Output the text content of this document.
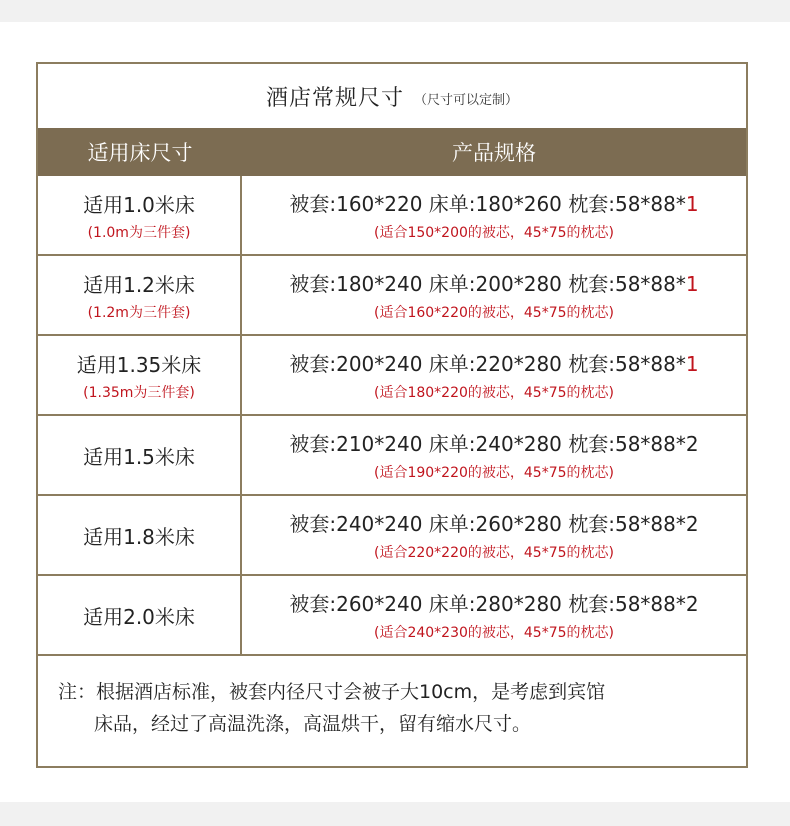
酒店常规尺寸 （尺寸可以定制）
适用床尺寸	产品规格
适用1.0米床
(1.0m为三件套)
被套:160*220 床单:180*260 枕套:58*88*1
(适合150*200的被芯，45*75的枕芯)
适用1.2米床
(1.2m为三件套)
被套:180*240 床单:200*280 枕套:58*88*1
(适合160*220的被芯，45*75的枕芯)
适用1.35米床
(1.35m为三件套)
被套:200*240 床单:220*280 枕套:58*88*1
(适合180*220的被芯，45*75的枕芯)
适用1.5米床
被套:210*240 床单:240*280 枕套:58*88*2
(适合190*220的被芯，45*75的枕芯)
适用1.8米床
被套:240*240 床单:260*280 枕套:58*88*2
(适合220*220的被芯，45*75的枕芯)
适用2.0米床
被套:260*240 床单:280*280 枕套:58*88*2
(适合240*230的被芯，45*75的枕芯)
注：根据酒店标准，被套内径尺寸会被子大10cm，是考虑到宾馆
床品，经过了高温洗涤，高温烘干，留有缩水尺寸。
